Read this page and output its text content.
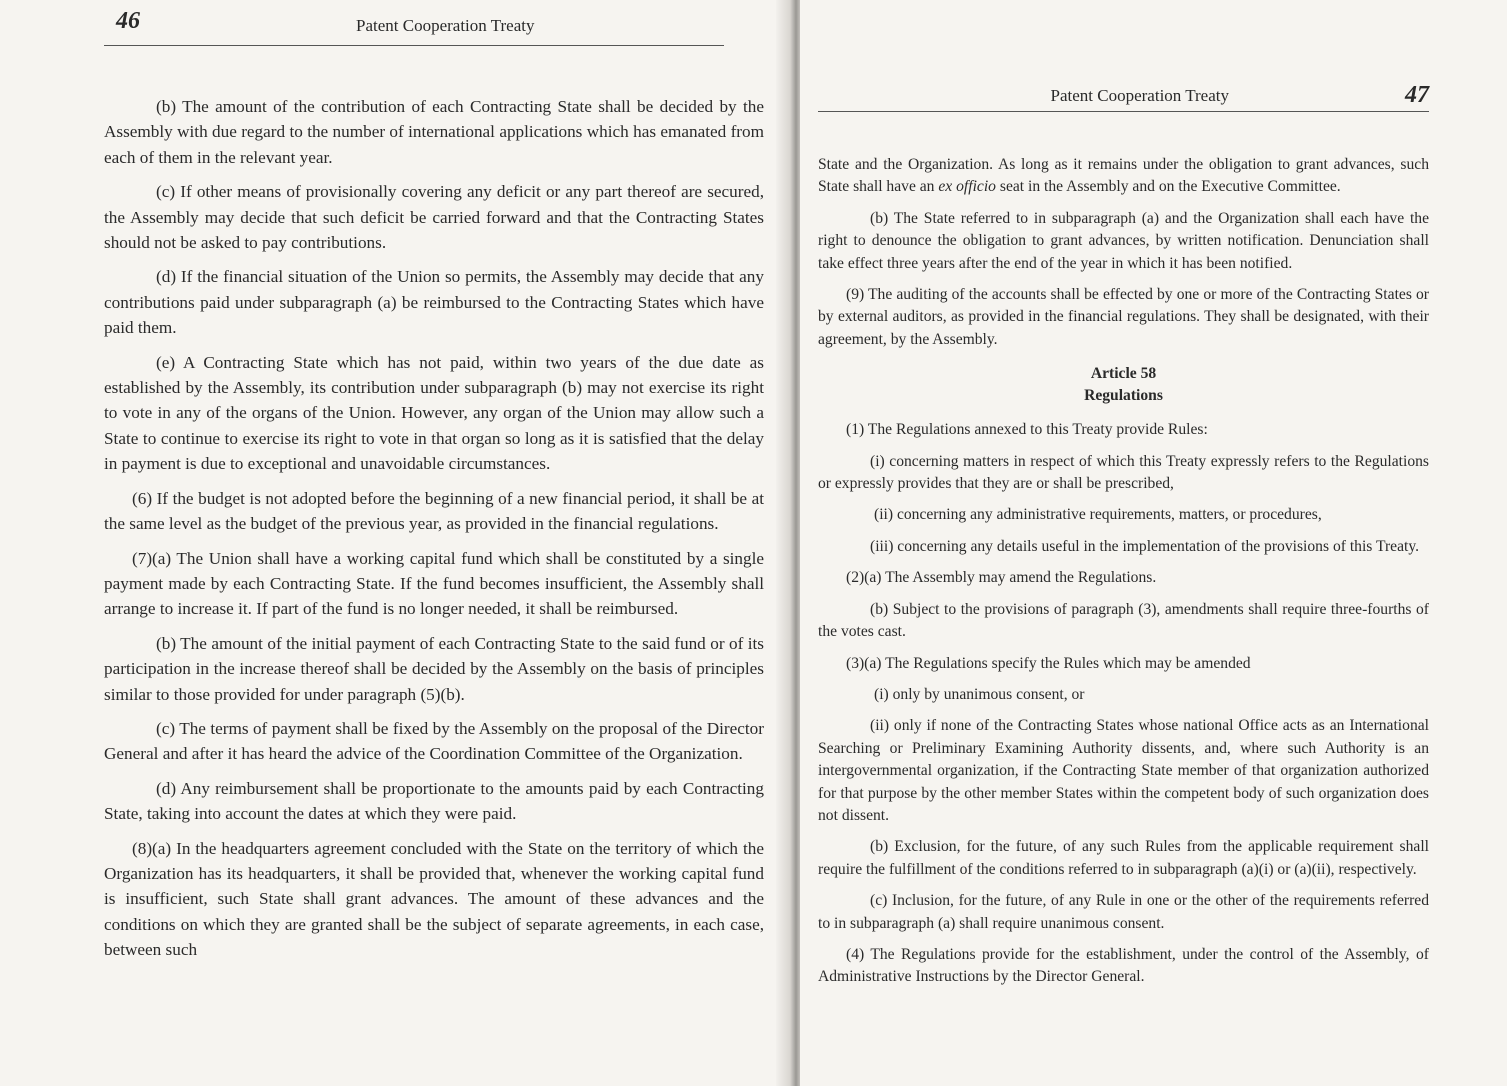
46	Patent Cooperation Treaty

(b) The amount of the contribution of each Contracting State shall be decided by the Assembly with due regard to the number of international applications which has emanated from each of them in the relevant year.

(c) If other means of provisionally covering any deficit or any part thereof are secured, the Assembly may decide that such deficit be carried forward and that the Contracting States should not be asked to pay contributions.

(d) If the financial situation of the Union so permits, the Assembly may decide that any contributions paid under subparagraph (a) be reimbursed to the Contracting States which have paid them.

(e) A Contracting State which has not paid, within two years of the due date as established by the Assembly, its contribution under subparagraph (b) may not exercise its right to vote in any of the organs of the Union. However, any organ of the Union may allow such a State to continue to exercise its right to vote in that organ so long as it is satisfied that the delay in payment is due to exceptional and unavoidable circumstances.

(6) If the budget is not adopted before the beginning of a new financial period, it shall be at the same level as the budget of the previous year, as provided in the financial regulations.

(7)(a) The Union shall have a working capital fund which shall be constituted by a single payment made by each Contracting State. If the fund becomes insufficient, the Assembly shall arrange to increase it. If part of the fund is no longer needed, it shall be reimbursed.

(b) The amount of the initial payment of each Contracting State to the said fund or of its participation in the increase thereof shall be decided by the Assembly on the basis of principles similar to those provided for under paragraph (5)(b).

(c) The terms of payment shall be fixed by the Assembly on the proposal of the Director General and after it has heard the advice of the Coordination Committee of the Organization.

(d) Any reimbursement shall be proportionate to the amounts paid by each Contracting State, taking into account the dates at which they were paid.

(8)(a) In the headquarters agreement concluded with the State on the territory of which the Organization has its headquarters, it shall be provided that, whenever the working capital fund is insufficient, such State shall grant advances. The amount of these advances and the conditions on which they are granted shall be the subject of separate agreements, in each case, between such

Patent Cooperation Treaty	47

State and the Organization. As long as it remains under the obligation to grant advances, such State shall have an ex officio seat in the Assembly and on the Executive Committee.

(b) The State referred to in subparagraph (a) and the Organization shall each have the right to denounce the obligation to grant advances, by written notification. Denunciation shall take effect three years after the end of the year in which it has been notified.

(9) The auditing of the accounts shall be effected by one or more of the Contracting States or by external auditors, as provided in the financial regulations. They shall be designated, with their agreement, by the Assembly.

Article 58
Regulations

(1) The Regulations annexed to this Treaty provide Rules:

(i) concerning matters in respect of which this Treaty expressly refers to the Regulations or expressly provides that they are or shall be prescribed,

(ii) concerning any administrative requirements, matters, or procedures,

(iii) concerning any details useful in the implementation of the provisions of this Treaty.

(2)(a) The Assembly may amend the Regulations.

(b) Subject to the provisions of paragraph (3), amendments shall require three-fourths of the votes cast.

(3)(a) The Regulations specify the Rules which may be amended

(i) only by unanimous consent, or

(ii) only if none of the Contracting States whose national Office acts as an International Searching or Preliminary Examining Authority dissents, and, where such Authority is an intergovernmental organization, if the Contracting State member of that organization authorized for that purpose by the other member States within the competent body of such organization does not dissent.

(b) Exclusion, for the future, of any such Rules from the applicable requirement shall require the fulfillment of the conditions referred to in subparagraph (a)(i) or (a)(ii), respectively.

(c) Inclusion, for the future, of any Rule in one or the other of the requirements referred to in subparagraph (a) shall require unanimous consent.

(4) The Regulations provide for the establishment, under the control of the Assembly, of Administrative Instructions by the Director General.
